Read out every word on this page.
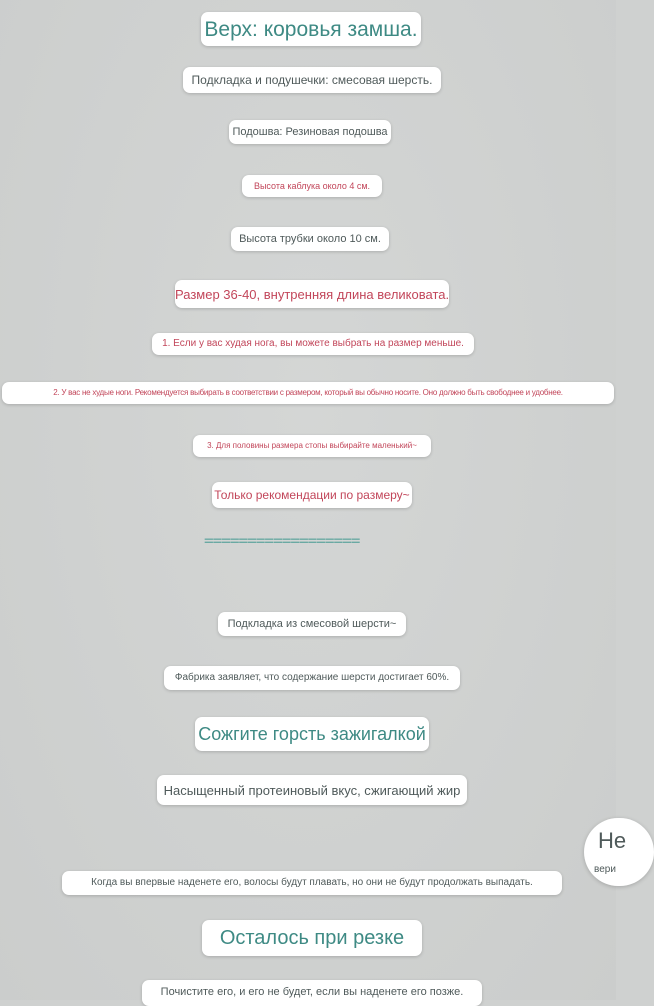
Верх: коровья замша.
Подкладка и подушечки: смесовая шерсть.
Подошва: Резиновая подошва
Высота каблука около 4 см.
Высота трубки около 10 см.
Размер 36-40, внутренняя длина великовата.
1. Если у вас худая нога, вы можете выбрать на размер меньше.
2. У вас не худые ноги. Рекомендуется выбирать в соответствии с размером, который вы обычно носите. Оно должно быть свободнее и удобнее.
3. Для половины размера стопы выбирайте маленький~
Только рекомендации по размеру~
==================
Подкладка из смесовой шерсти~
Фабрика заявляет, что содержание шерсти достигает 60%.
Сожгите горсть зажигалкой
Насыщенный протеиновый вкус, сжигающий жир
Когда вы впервые наденете его, волосы будут плавать, но они не будут продолжать выпадать.
Осталось при резке
Почистите его, и его не будет, если вы наденете его позже.
Не
вери
